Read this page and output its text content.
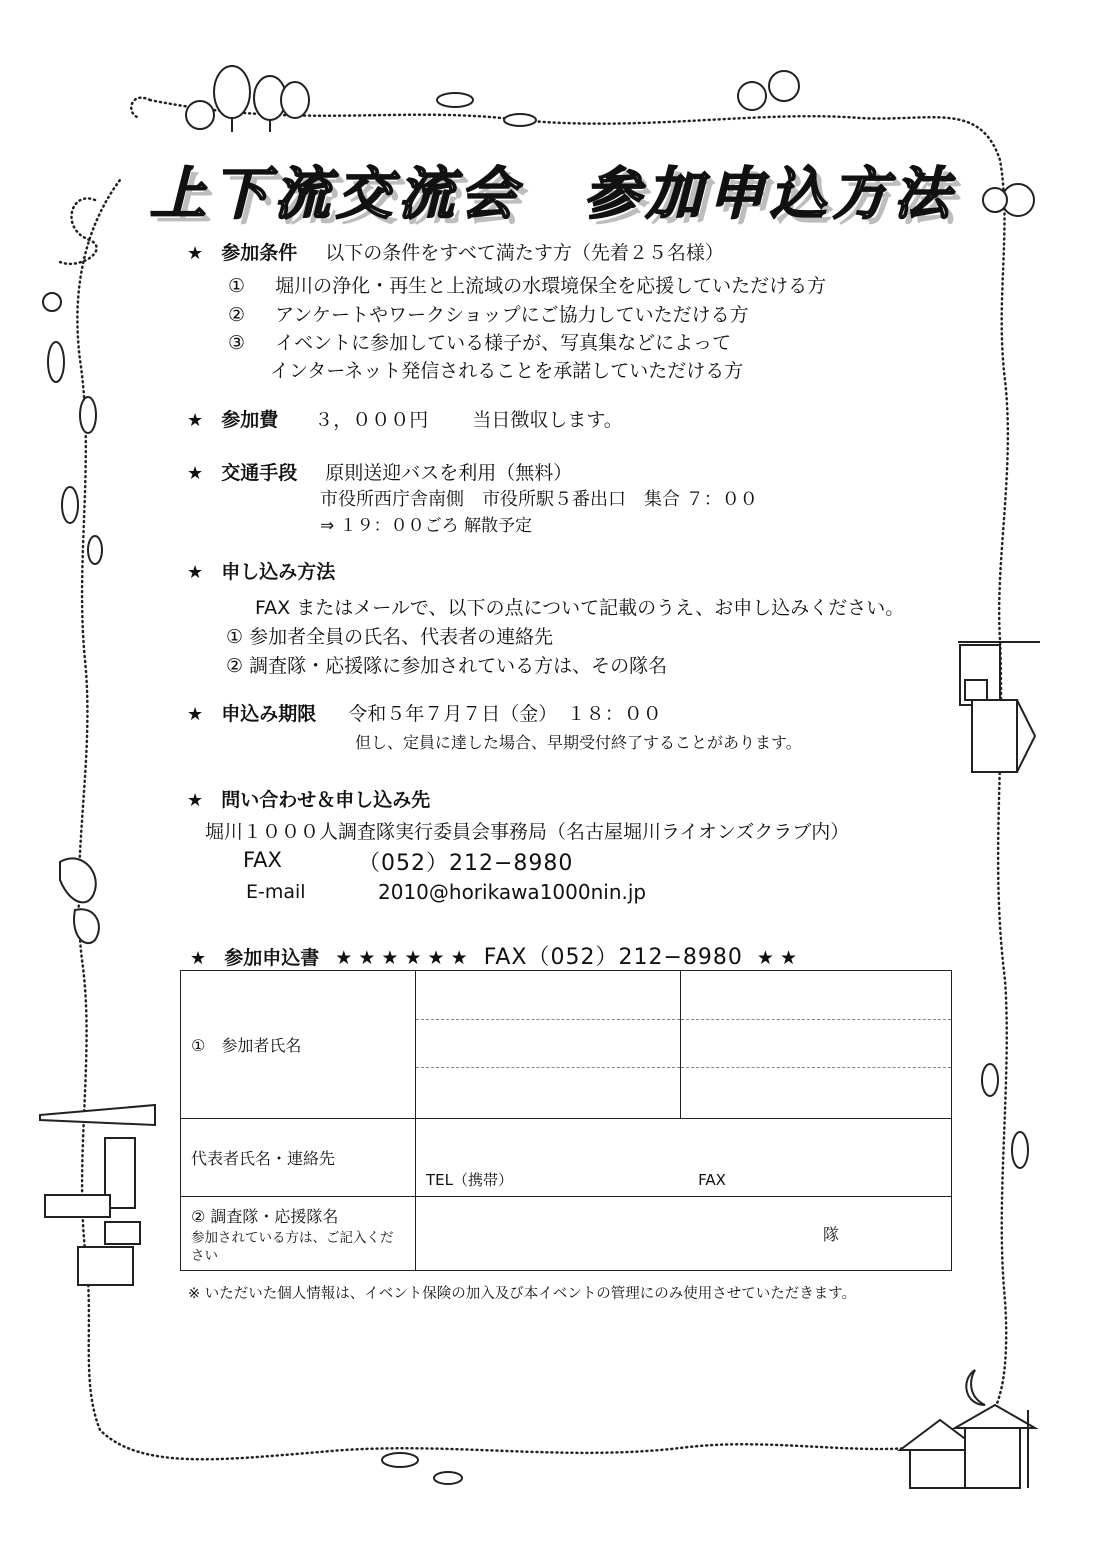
上下流交流会　参加申込方法
★ 参加条件 以下の条件をすべて満たす方（先着２５名様）
① 堀川の浄化・再生と上流域の水環境保全を応援していただける方
② アンケートやワークショップにご協力していただける方
③ イベントに参加している様子が、写真集などによって
インターネット発信されることを承諾していただける方
★ 参加費 ３，０００円 当日徴収します。
★ 交通手段 原則送迎バスを利用（無料）
市役所西庁舎南側　市役所駅５番出口　集合 ７：００
⇒ １９：００ごろ 解散予定
★ 申し込み方法
FAX またはメールで、以下の点について記載のうえ、お申し込みください。
① 参加者全員の氏名、代表者の連絡先
② 調査隊・応援隊に参加されている方は、その隊名
★ 申込み期限 令和５年７月７日（金）　１８：００
但し、定員に達した場合、早期受付終了することがあります。
★ 問い合わせ＆申し込み先
堀川１０００人調査隊実行委員会事務局（名古屋堀川ライオンズクラブ内）
FAX	（052）212−8980
E-mail	2010@horikawa1000nin.jp
★ 参加申込書 ★ ★ ★ ★ ★ ★ FAX（052）212−8980 ★ ★
①　参加者氏名		

代表者氏名・連絡先	TEL（携帯） FAX	

② 調査隊・応援隊名
参加されている方は、ご記入ください	隊	
※ いただいた個人情報は、イベント保険の加入及び本イベントの管理にのみ使用させていただきます。
